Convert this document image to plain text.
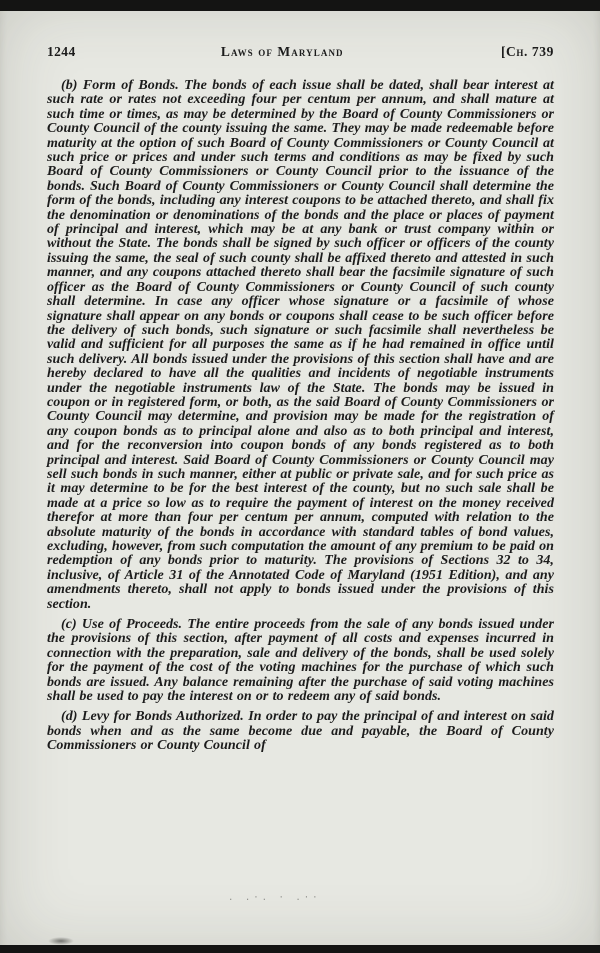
1244	Laws of Maryland	[Ch. 739

(b) Form of Bonds. The bonds of each issue shall be dated, shall bear interest at such rate or rates not exceeding four per centum per annum, and shall mature at such time or times, as may be determined by the Board of County Commissioners or County Council of the county issuing the same. They may be made redeemable before maturity at the option of such Board of County Commissioners or County Council at such price or prices and under such terms and conditions as may be fixed by such Board of County Commissioners or County Council prior to the issuance of the bonds. Such Board of County Commissioners or County Council shall determine the form of the bonds, including any interest coupons to be attached thereto, and shall fix the denomination or denominations of the bonds and the place or places of payment of principal and interest, which may be at any bank or trust company within or without the State. The bonds shall be signed by such officer or officers of the county issuing the same, the seal of such county shall be affixed thereto and attested in such manner, and any coupons attached thereto shall bear the facsimile signature of such officer as the Board of County Commissioners or County Council of such county shall determine. In case any officer whose signature or a facsimile of whose signature shall appear on any bonds or coupons shall cease to be such officer before the delivery of such bonds, such signature or such facsimile shall nevertheless be valid and sufficient for all purposes the same as if he had remained in office until such delivery. All bonds issued under the provisions of this section shall have and are hereby declared to have all the qualities and incidents of negotiable instruments under the negotiable instruments law of the State. The bonds may be issued in coupon or in registered form, or both, as the said Board of County Commissioners or County Council may determine, and provision may be made for the registration of any coupon bonds as to principal alone and also as to both principal and interest, and for the reconversion into coupon bonds of any bonds registered as to both principal and interest. Said Board of County Commissioners or County Council may sell such bonds in such manner, either at public or private sale, and for such price as it may determine to be for the best interest of the county, but no such sale shall be made at a price so low as to require the payment of interest on the money received therefor at more than four per centum per annum, computed with relation to the absolute maturity of the bonds in accordance with standard tables of bond values, excluding, however, from such computation the amount of any premium to be paid on redemption of any bonds prior to maturity. The provisions of Sections 32 to 34, inclusive, of Article 31 of the Annotated Code of Maryland (1951 Edition), and any amendments thereto, shall not apply to bonds issued under the provisions of this section.

(c) Use of Proceeds. The entire proceeds from the sale of any bonds issued under the provisions of this section, after payment of all costs and expenses incurred in connection with the preparation, sale and delivery of the bonds, shall be used solely for the payment of the cost of the voting machines for the purchase of which such bonds are issued. Any balance remaining after the purchase of said voting machines shall be used to pay the interest on or to redeem any of said bonds.

(d) Levy for Bonds Authorized. In order to pay the principal of and interest on said bonds when and as the same become due and payable, the Board of County Commissioners or County Council of

. .·. · .··
